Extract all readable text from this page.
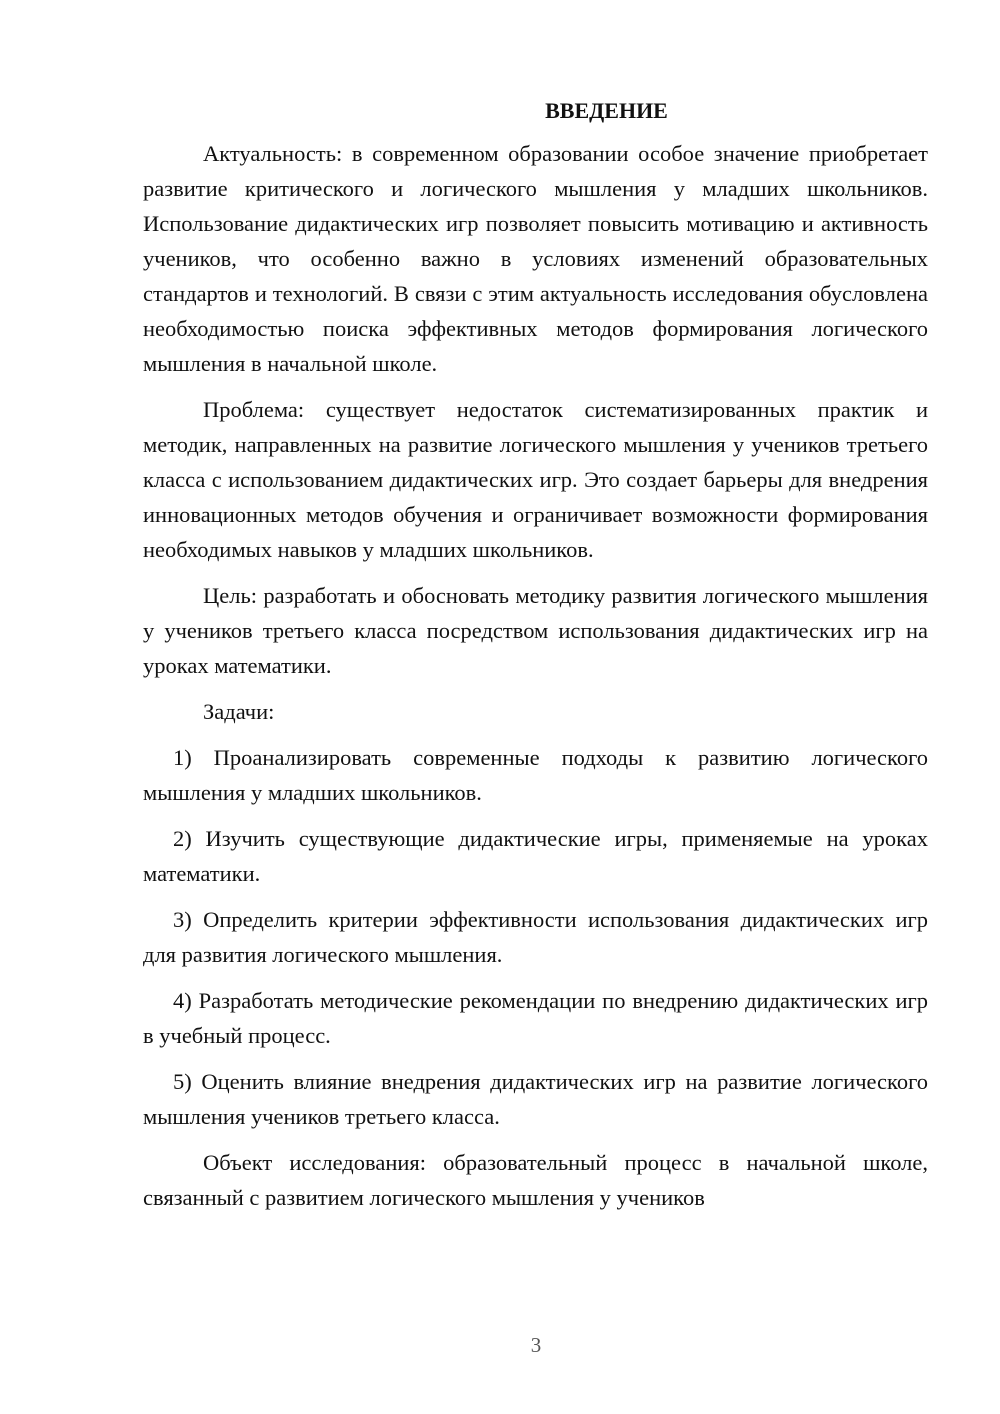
ВВЕДЕНИЕ

Актуальность: в современном образовании особое значение приобретает развитие критического и логического мышления у младших школьников. Использование дидактических игр позволяет повысить мотивацию и активность учеников, что особенно важно в условиях изменений образовательных стандартов и технологий. В связи с этим актуальность исследования обусловлена необходимостью поиска эффективных методов формирования логического мышления в начальной школе.

Проблема: существует недостаток систематизированных практик и методик, направленных на развитие логического мышления у учеников третьего класса с использованием дидактических игр. Это создает барьеры для внедрения инновационных методов обучения и ограничивает возможности формирования необходимых навыков у младших школьников.

Цель: разработать и обосновать методику развития логического мышления у учеников третьего класса посредством использования дидактических игр на уроках математики.

Задачи:

1) Проанализировать современные подходы к развитию логического мышления у младших школьников.

2) Изучить существующие дидактические игры, применяемые на уроках математики.

3) Определить критерии эффективности использования дидактических игр для развития логического мышления.

4) Разработать методические рекомендации по внедрению дидактических игр в учебный процесс.

5) Оценить влияние внедрения дидактических игр на развитие логического мышления учеников третьего класса.

Объект исследования: образовательный процесс в начальной школе, связанный с развитием логического мышления у учеников

3
